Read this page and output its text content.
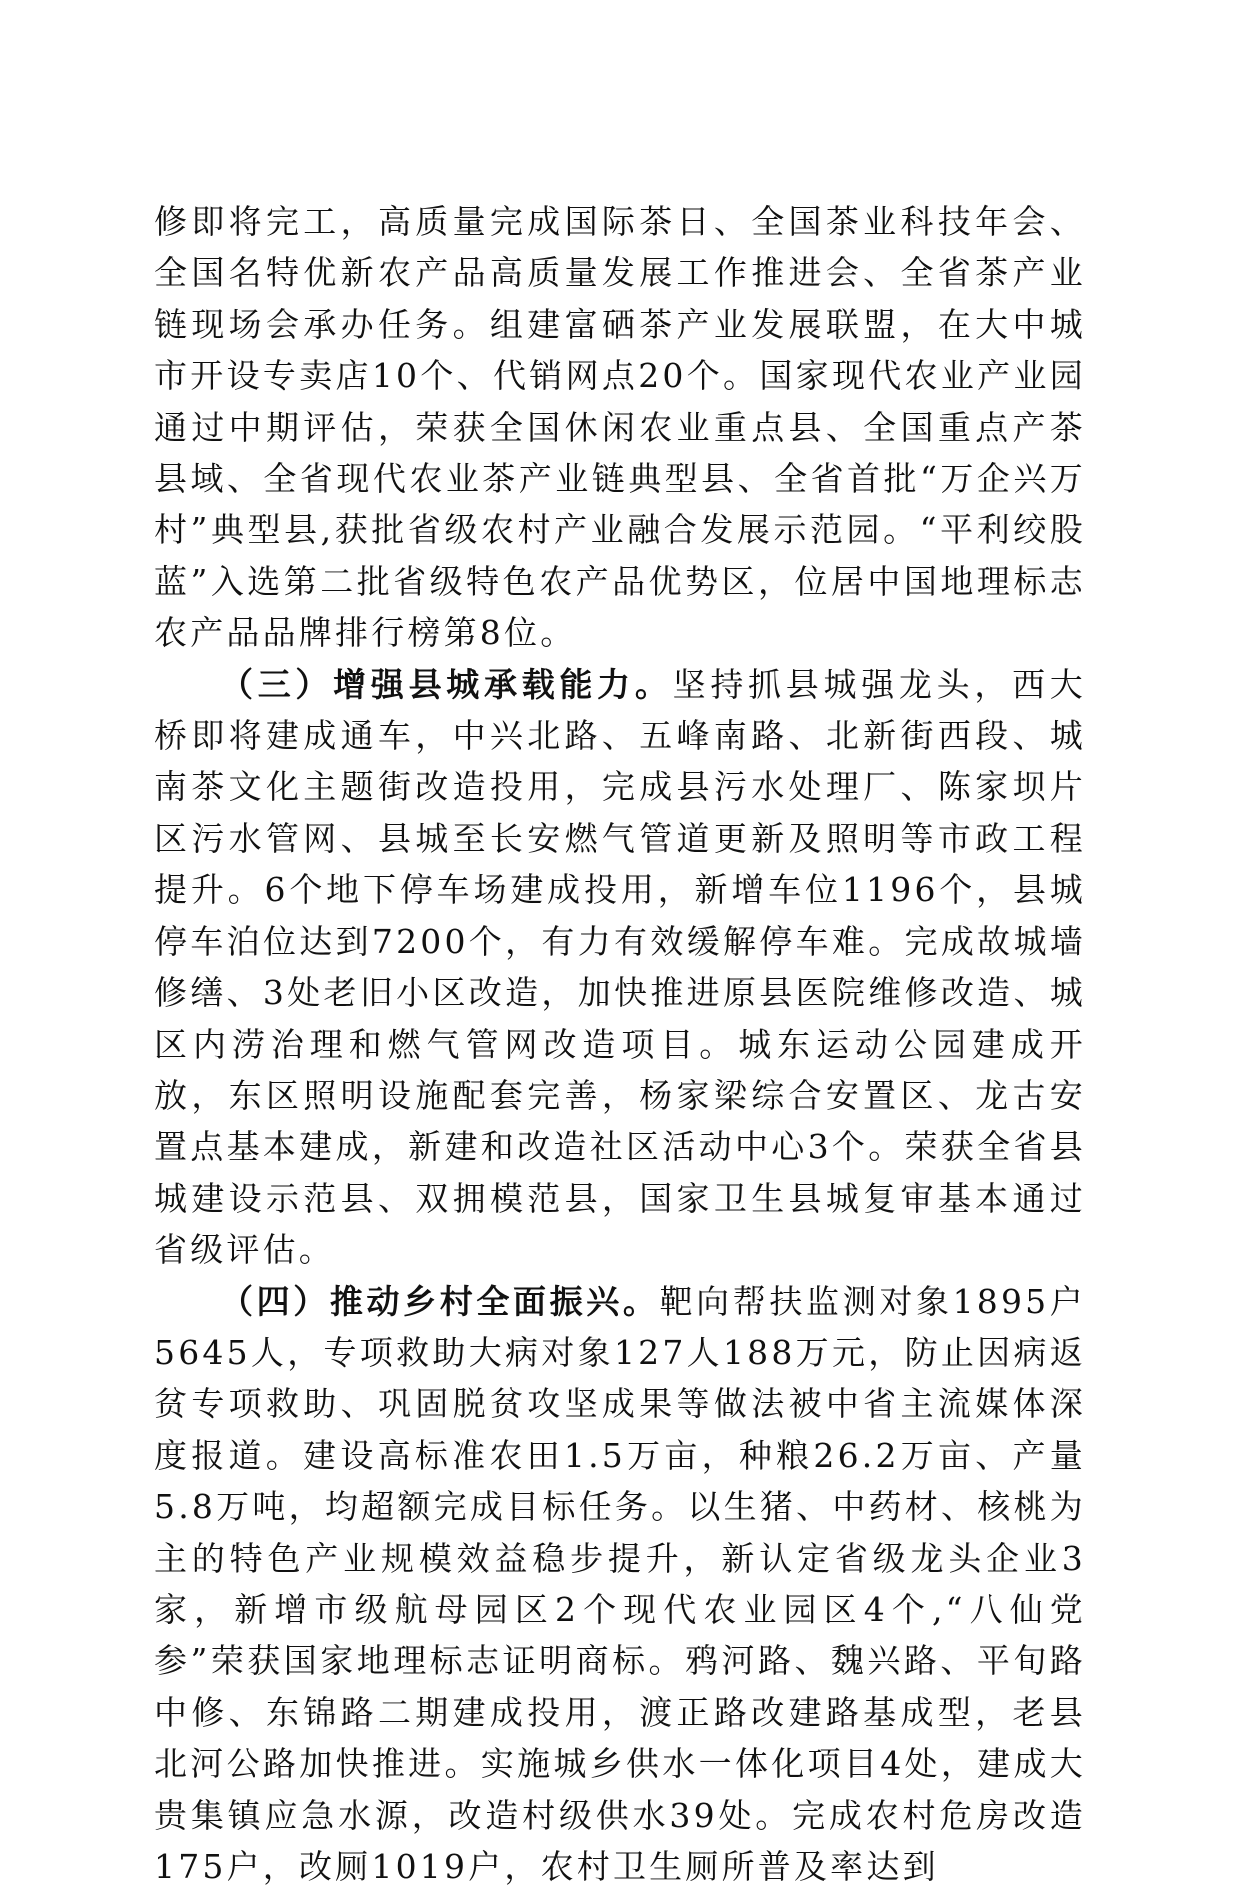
修即将完工，高质量完成国际茶日、全国茶业科技年会、全国名特优新农产品高质量发展工作推进会、全省茶产业链现场会承办任务。组建富硒茶产业发展联盟，在大中城市开设专卖店10个、代销网点20个。国家现代农业产业园通过中期评估，荣获全国休闲农业重点县、全国重点产茶县域、全省现代农业茶产业链典型县、全省首批“万企兴万村”典型县,获批省级农村产业融合发展示范园。“平利绞股蓝”入选第二批省级特色农产品优势区，位居中国地理标志农产品品牌排行榜第8位。

（三）增强县城承载能力。坚持抓县城强龙头，西大桥即将建成通车，中兴北路、五峰南路、北新街西段、城南茶文化主题街改造投用，完成县污水处理厂、陈家坝片区污水管网、县城至长安燃气管道更新及照明等市政工程提升。6个地下停车场建成投用，新增车位1196个，县城停车泊位达到7200个，有力有效缓解停车难。完成故城墙修缮、3处老旧小区改造，加快推进原县医院维修改造、城区内涝治理和燃气管网改造项目。城东运动公园建成开放，东区照明设施配套完善，杨家梁综合安置区、龙古安置点基本建成，新建和改造社区活动中心3个。荣获全省县城建设示范县、双拥模范县，国家卫生县城复审基本通过省级评估。

（四）推动乡村全面振兴。靶向帮扶监测对象1895户5645人，专项救助大病对象127人188万元，防止因病返贫专项救助、巩固脱贫攻坚成果等做法被中省主流媒体深度报道。建设高标准农田1.5万亩，种粮26.2万亩、产量5.8万吨，均超额完成目标任务。以生猪、中药材、核桃为主的特色产业规模效益稳步提升，新认定省级龙头企业3家，新增市级航母园区2个现代农业园区4个,“八仙党参”荣获国家地理标志证明商标。鸦河路、魏兴路、平旬路中修、东锦路二期建成投用，渡正路改建路基成型，老县北河公路加快推进。实施城乡供水一体化项目4处，建成大贵集镇应急水源，改造村级供水39处。完成农村危房改造175户，改厕1019户，农村卫生厕所普及率达到
